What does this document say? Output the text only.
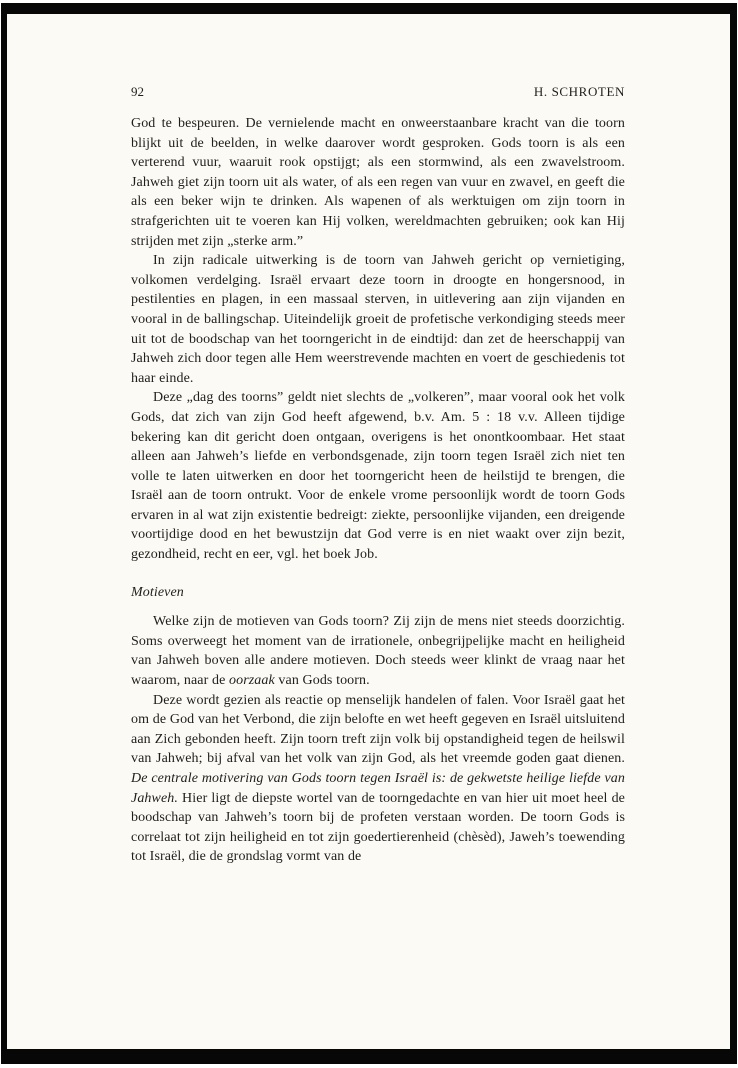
92	H. SCHROTEN

God te bespeuren. De vernielende macht en onweerstaanbare kracht van die toorn blijkt uit de beelden, in welke daarover wordt gesproken. Gods toorn is als een verterend vuur, waaruit rook opstijgt; als een stormwind, als een zwavelstroom. Jahweh giet zijn toorn uit als water, of als een regen van vuur en zwavel, en geeft die als een beker wijn te drinken. Als wapenen of als werktuigen om zijn toorn in strafgerichten uit te voeren kan Hij volken, wereldmachten gebruiken; ook kan Hij strijden met zijn „sterke arm.”

In zijn radicale uitwerking is de toorn van Jahweh gericht op vernietiging, volkomen verdelging. Israël ervaart deze toorn in droogte en hongersnood, in pestilenties en plagen, in een massaal sterven, in uitlevering aan zijn vijanden en vooral in de ballingschap. Uiteindelijk groeit de profetische verkondiging steeds meer uit tot de boodschap van het toorngericht in de eindtijd: dan zet de heerschappij van Jahweh zich door tegen alle Hem weerstrevende machten en voert de geschiedenis tot haar einde.

Deze „dag des toorns” geldt niet slechts de „volkeren”, maar vooral ook het volk Gods, dat zich van zijn God heeft afgewend, b.v. Am. 5 : 18 v.v. Alleen tijdige bekering kan dit gericht doen ontgaan, overigens is het onontkoombaar. Het staat alleen aan Jahweh’s liefde en verbondsgenade, zijn toorn tegen Israël zich niet ten volle te laten uitwerken en door het toorngericht heen de heilstijd te brengen, die Israël aan de toorn ontrukt. Voor de enkele vrome persoonlijk wordt de toorn Gods ervaren in al wat zijn existentie bedreigt: ziekte, persoonlijke vijanden, een dreigende voortijdige dood en het bewustzijn dat God verre is en niet waakt over zijn bezit, gezondheid, recht en eer, vgl. het boek Job.

Motieven

Welke zijn de motieven van Gods toorn? Zij zijn de mens niet steeds doorzichtig. Soms overweegt het moment van de irrationele, onbegrijpelijke macht en heiligheid van Jahweh boven alle andere motieven. Doch steeds weer klinkt de vraag naar het waarom, naar de oorzaak van Gods toorn.

Deze wordt gezien als reactie op menselijk handelen of falen. Voor Israël gaat het om de God van het Verbond, die zijn belofte en wet heeft gegeven en Israël uitsluitend aan Zich gebonden heeft. Zijn toorn treft zijn volk bij opstandigheid tegen de heilswil van Jahweh; bij afval van het volk van zijn God, als het vreemde goden gaat dienen. De centrale motivering van Gods toorn tegen Israël is: de gekwetste heilige liefde van Jahweh. Hier ligt de diepste wortel van de toorngedachte en van hier uit moet heel de boodschap van Jahweh’s toorn bij de profeten verstaan worden. De toorn Gods is correlaat tot zijn heiligheid en tot zijn goedertierenheid (chèsèd), Jaweh’s toewending tot Israël, die de grondslag vormt van de
